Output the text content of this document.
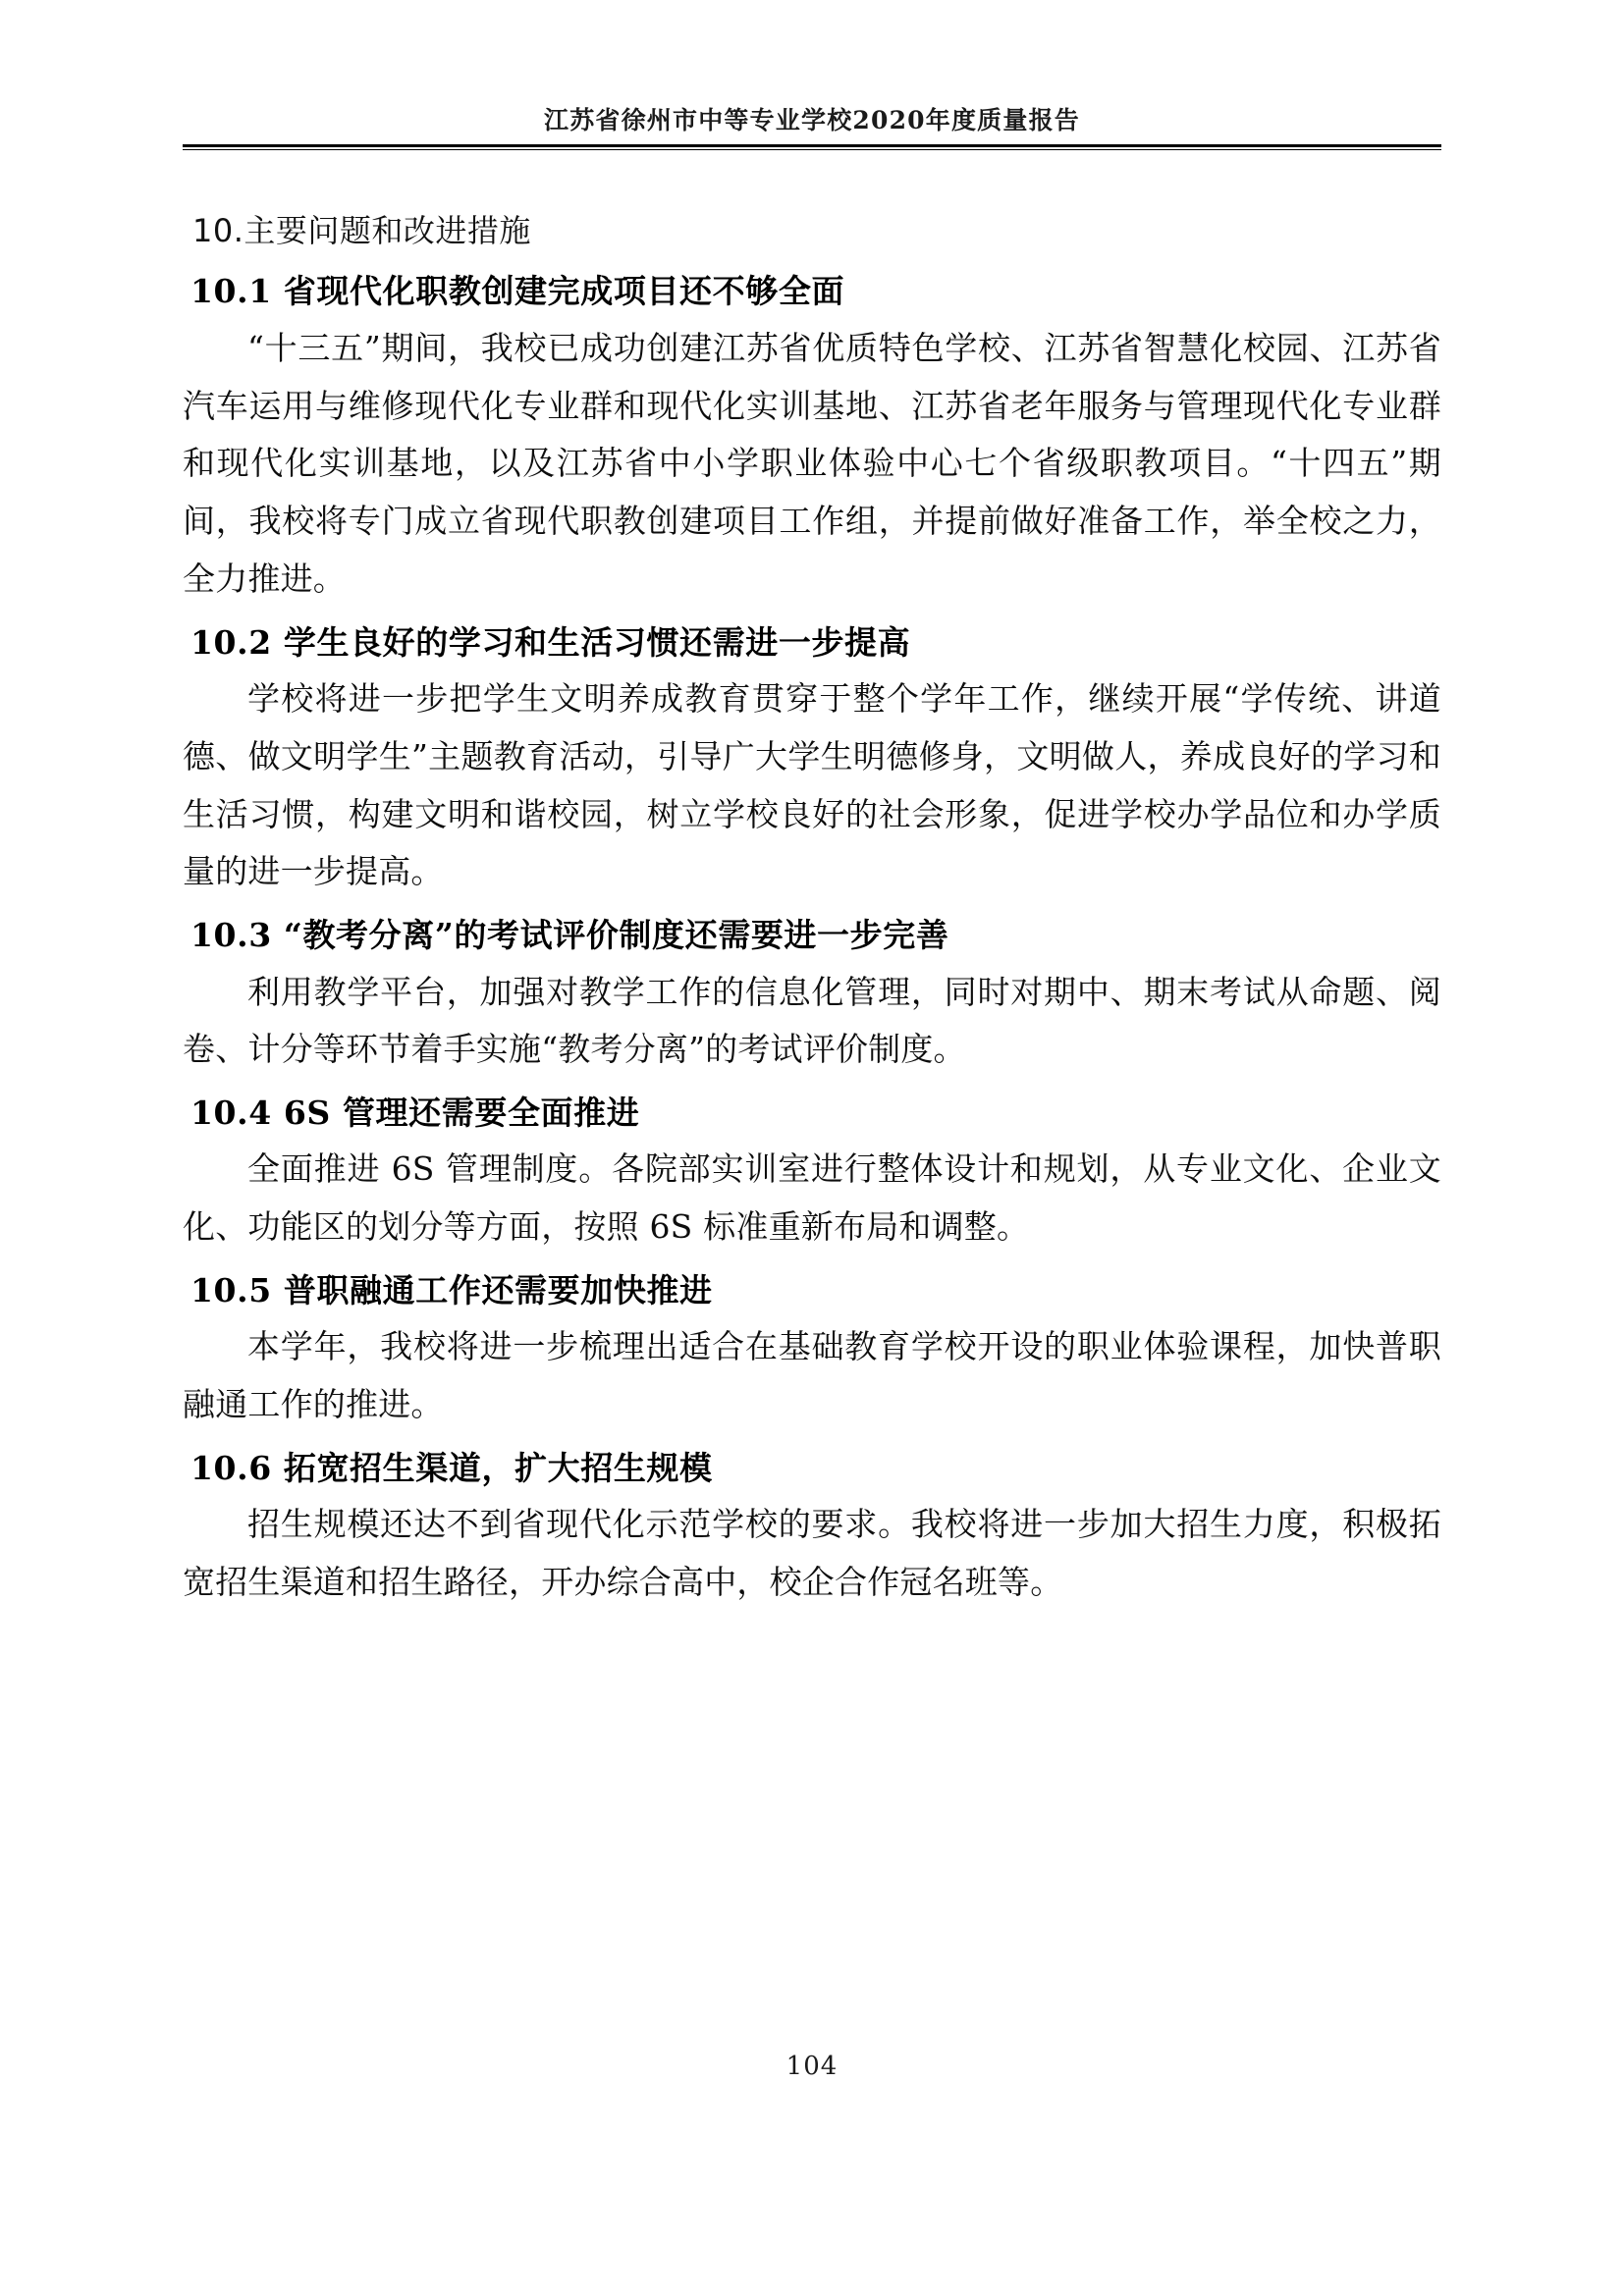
江苏省徐州市中等专业学校2020年度质量报告
10.主要问题和改进措施
10.1 省现代化职教创建完成项目还不够全面

“十三五”期间，我校已成功创建江苏省优质特色学校、江苏省智慧化校园、江苏省汽车运用与维修现代化专业群和现代化实训基地、江苏省老年服务与管理现代化专业群和现代化实训基地，以及江苏省中小学职业体验中心七个省级职教项目。“十四五”期间，我校将专门成立省现代职教创建项目工作组，并提前做好准备工作，举全校之力，全力推进。

10.2 学生良好的学习和生活习惯还需进一步提高

学校将进一步把学生文明养成教育贯穿于整个学年工作，继续开展“学传统、讲道德、做文明学生”主题教育活动，引导广大学生明德修身，文明做人，养成良好的学习和生活习惯，构建文明和谐校园，树立学校良好的社会形象，促进学校办学品位和办学质量的进一步提高。

10.3 “教考分离”的考试评价制度还需要进一步完善

利用教学平台，加强对教学工作的信息化管理，同时对期中、期末考试从命题、阅卷、计分等环节着手实施“教考分离”的考试评价制度。

10.4 6S 管理还需要全面推进

全面推进 6S 管理制度。各院部实训室进行整体设计和规划，从专业文化、企业文化、功能区的划分等方面，按照 6S 标准重新布局和调整。

10.5 普职融通工作还需要加快推进

本学年，我校将进一步梳理出适合在基础教育学校开设的职业体验课程，加快普职融通工作的推进。

10.6 拓宽招生渠道，扩大招生规模

招生规模还达不到省现代化示范学校的要求。我校将进一步加大招生力度，积极拓宽招生渠道和招生路径，开办综合高中，校企合作冠名班等。

104
